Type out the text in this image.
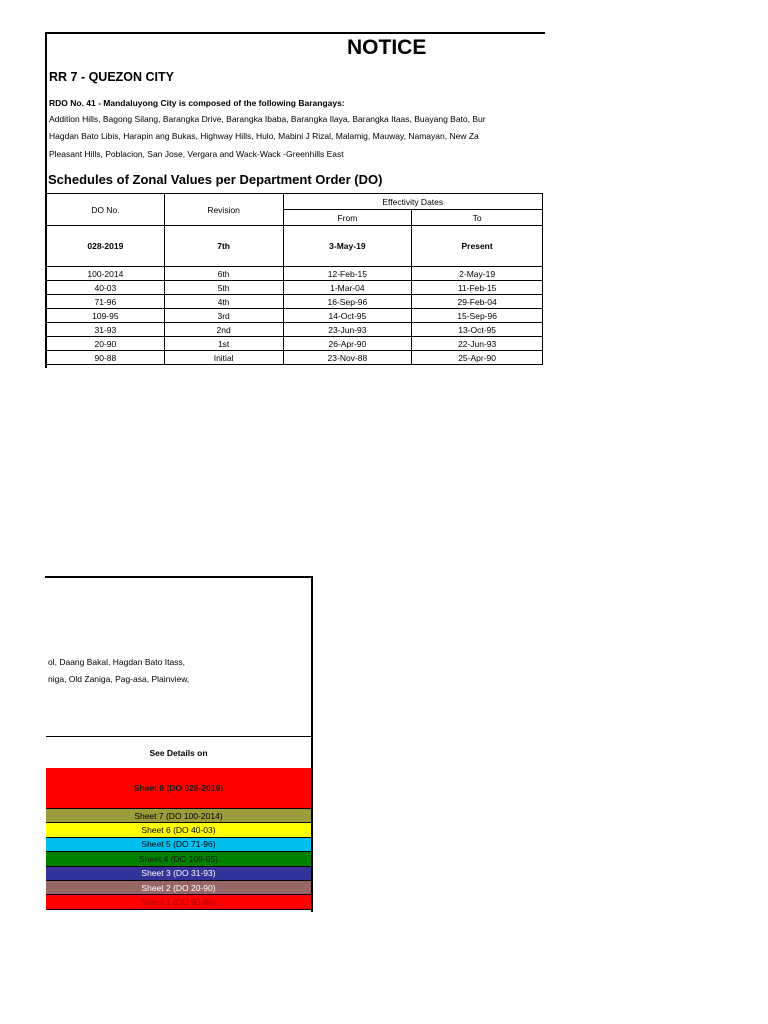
NOTICE
RR 7 - QUEZON CITY
RDO No. 41 - Mandaluyong City is composed of the following Barangays:
Addition Hills, Bagong Silang, Barangka Drive, Barangka Ibaba, Barangka Ilaya, Barangka Itaas, Buayang Bato, Bur
Hagdan Bato Libis, Harapin ang Bukas, Highway Hills, Hulo, Mabini J Rizal, Malamig, Mauway, Namayan, New Za
Pleasant Hills, Poblacion, San Jose, Vergara and Wack-Wack -Greenhills East
Schedules of Zonal Values per Department Order (DO)
DO No.	Revision	Effectivity Dates	
		From	To
028-2019	7th	3-May-19	Present
100-2014	6th	12-Feb-15	2-May-19
40-03	5th	1-Mar-04	11-Feb-15
71-96	4th	16-Sep-96	29-Feb-04
109-95	3rd	14-Oct-95	15-Sep-96
31-93	2nd	23-Jun-93	13-Oct-95
20-90	1st	26-Apr-90	22-Jun-93
90-88	Initial	23-Nov-88	25-Apr-90
ol, Daang Bakal, Hagdan Bato Itass,
niga, Old Zaniga, Pag-asa, Plainview,
See Details on
Sheet 8 (DO 028-2019)
Sheet 7 (DO 100-2014)
Sheet 6 (DO 40-03)
Sheet 5 (DO 71-96)
Sheet 4 (DO 109-95)
Sheet 3 (DO 31-93)
Sheet 2 (DO 20-90)
Sheet 1 (DO 90-88)
